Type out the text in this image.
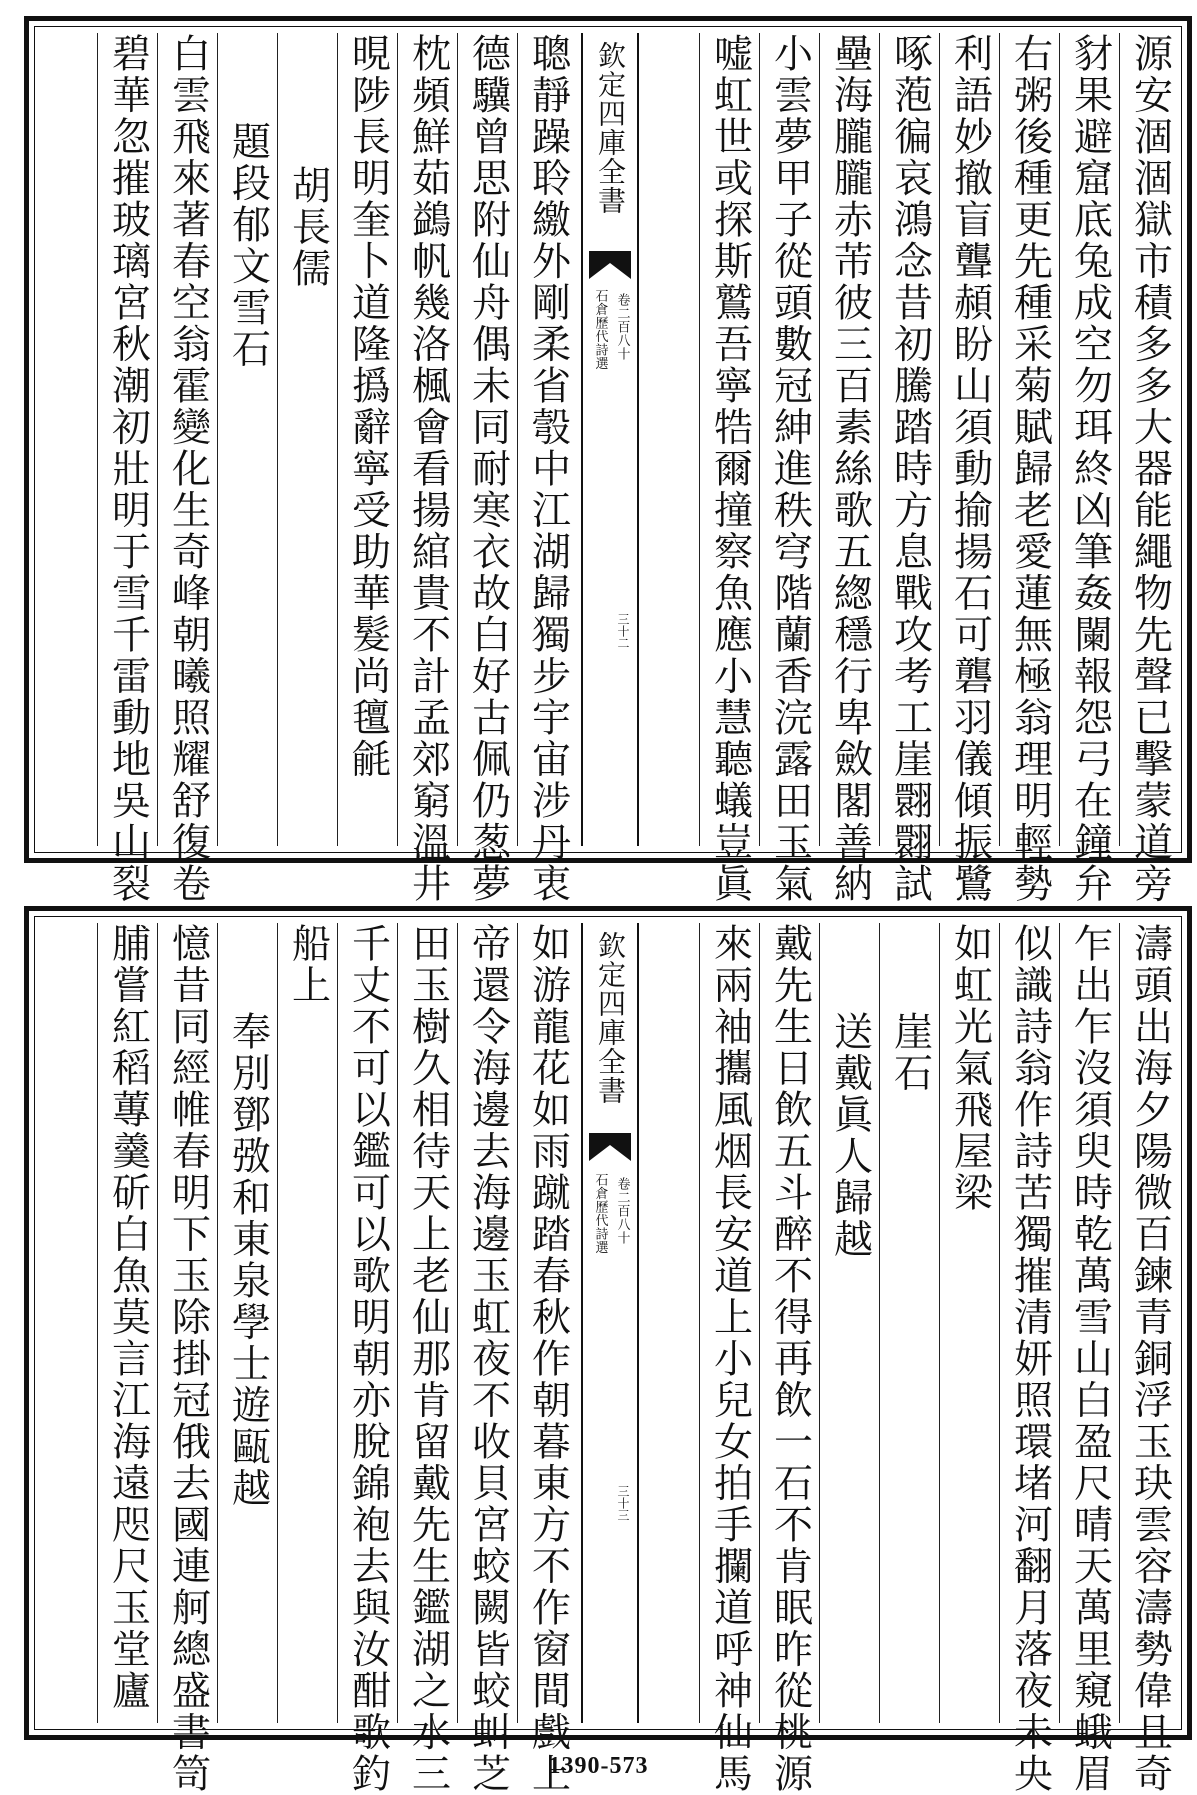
源安涸涸獄市積多多大器能繩物先聲已擊蒙道旁
豺果避窟底兔成空勿珥終凶筆姦闌報怨弓在鐘弁
右粥後種更先種采菊賦歸老愛蓮無極翁理明輕勢
利語妙撤盲聾頳盼山須動揄揚石可礱羽儀傾振鷺
啄萢徧哀鴻念昔初騰踏時方息戰攻考工崖翾翾試
壘海朧朧赤芾彼三百素絲歌五緫穩行卑斂閣善納
小雲夢甲子從頭數冠紳進秩穹階蘭香浣露田玉氣
嘘虹世或探斯鷲吾寧牿爾撞察魚應小慧聽蟻豈眞
聰靜躁聆繳外剛柔省彀中江湖歸獨步宇宙涉丹衷
德驥曾思附仙舟偶未同耐寒衣故白好古佩仍葱夢
枕頻鮮茹鷁帆幾洛楓會看揚綰貴不計孟郊窮溫井
晛陟長明奎卜道隆撝辭寧受助華髮尚氊毹
胡長儒
題段郁文雪石
白雲飛來著春空翁霍變化生奇峰朝曦照耀舒復卷
碧華忽摧玻璃宮秋潮初壯明于雪千雷動地吳山裂	欽定四庫全書
石倉歷代詩選 卷二百八十
三十二
濤頭出海夕陽微百鍊青銅浮玉玦雲容濤勢偉且奇
乍出乍沒須臾時乾萬雪山白盈尺晴天萬里窺蛾眉
似識詩翁作詩苦獨摧清妍照環堵河翻月落夜未央
如虹光氣飛屋梁
崖石
送戴眞人歸越
戴先生日飲五斗醉不得再飲一石不肯眠昨從桃源
來兩袖攜風烟長安道上小兒女拍手攔道呼神仙馬
如游龍花如雨蹴踏春秋作朝暮東方不作窗間戲上
帝還令海邊去海邊玉虹夜不收貝宮蛟闕皆蛟虯芝
田玉樹久相待天上老仙那肯留戴先生鑑湖之水三
千丈不可以鑑可以歌明朝亦脫錦袍去與汝酣歌釣
船上
奉別鄧㢸和東泉學士遊甌越
憶昔同經帷春明下玉除掛冠俄去國連舸總盛書笥
脯嘗紅稻蓴羹斫白魚莫言江海遠咫尺玉堂廬	欽定四庫全書
石倉歷代詩選 卷二百八十
三十三
1390-573
